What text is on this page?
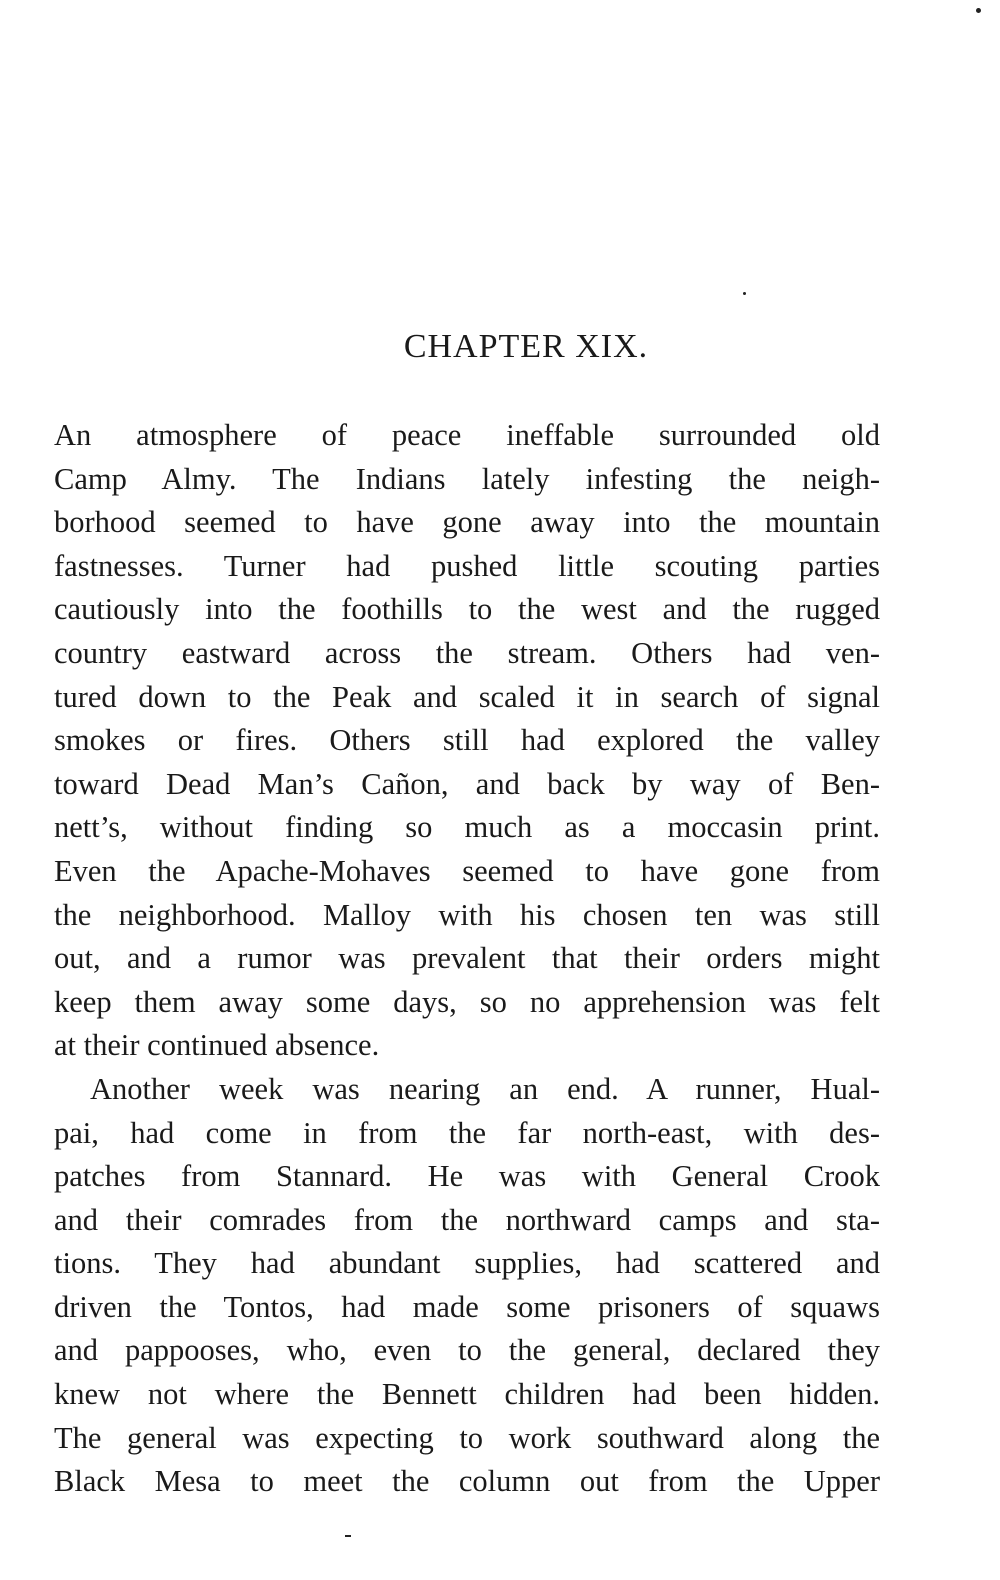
CHAPTER XIX.
An atmosphere of peace ineffable surrounded old
Camp Almy. The Indians lately infesting the neigh-
borhood seemed to have gone away into the mountain
fastnesses. Turner had pushed little scouting parties
cautiously into the foothills to the west and the rugged
country eastward across the stream. Others had ven-
tured down to the Peak and scaled it in search of signal
smokes or fires. Others still had explored the valley
toward Dead Man’s Cañon, and back by way of Ben-
nett’s, without finding so much as a moccasin print.
Even the Apache-Mohaves seemed to have gone from
the neighborhood. Malloy with his chosen ten was still
out, and a rumor was prevalent that their orders might
keep them away some days, so no apprehension was felt
at their continued absence.
Another week was nearing an end. A runner, Hual-
pai, had come in from the far north-east, with des-
patches from Stannard. He was with General Crook
and their comrades from the northward camps and sta-
tions. They had abundant supplies, had scattered and
driven the Tontos, had made some prisoners of squaws
and pappooses, who, even to the general, declared they
knew not where the Bennett children had been hidden.
The general was expecting to work southward along the
Black Mesa to meet the column out from the Upper
